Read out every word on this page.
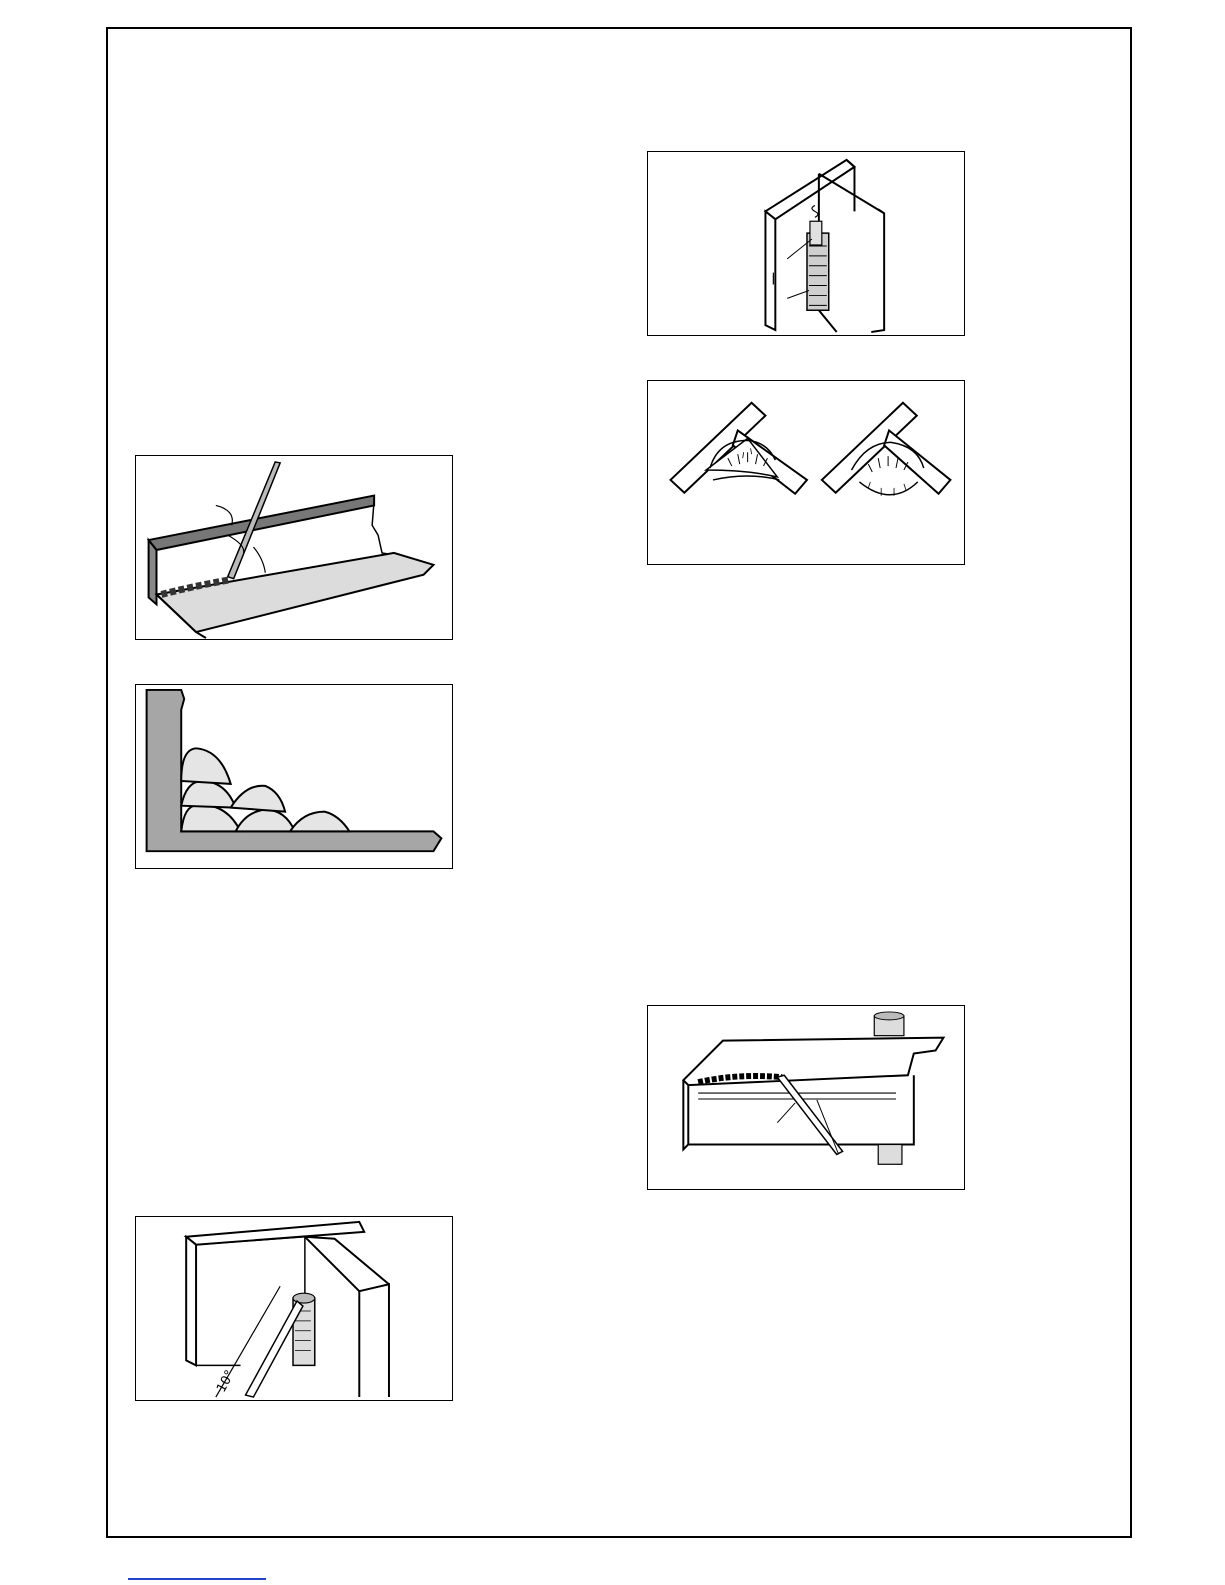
10°
